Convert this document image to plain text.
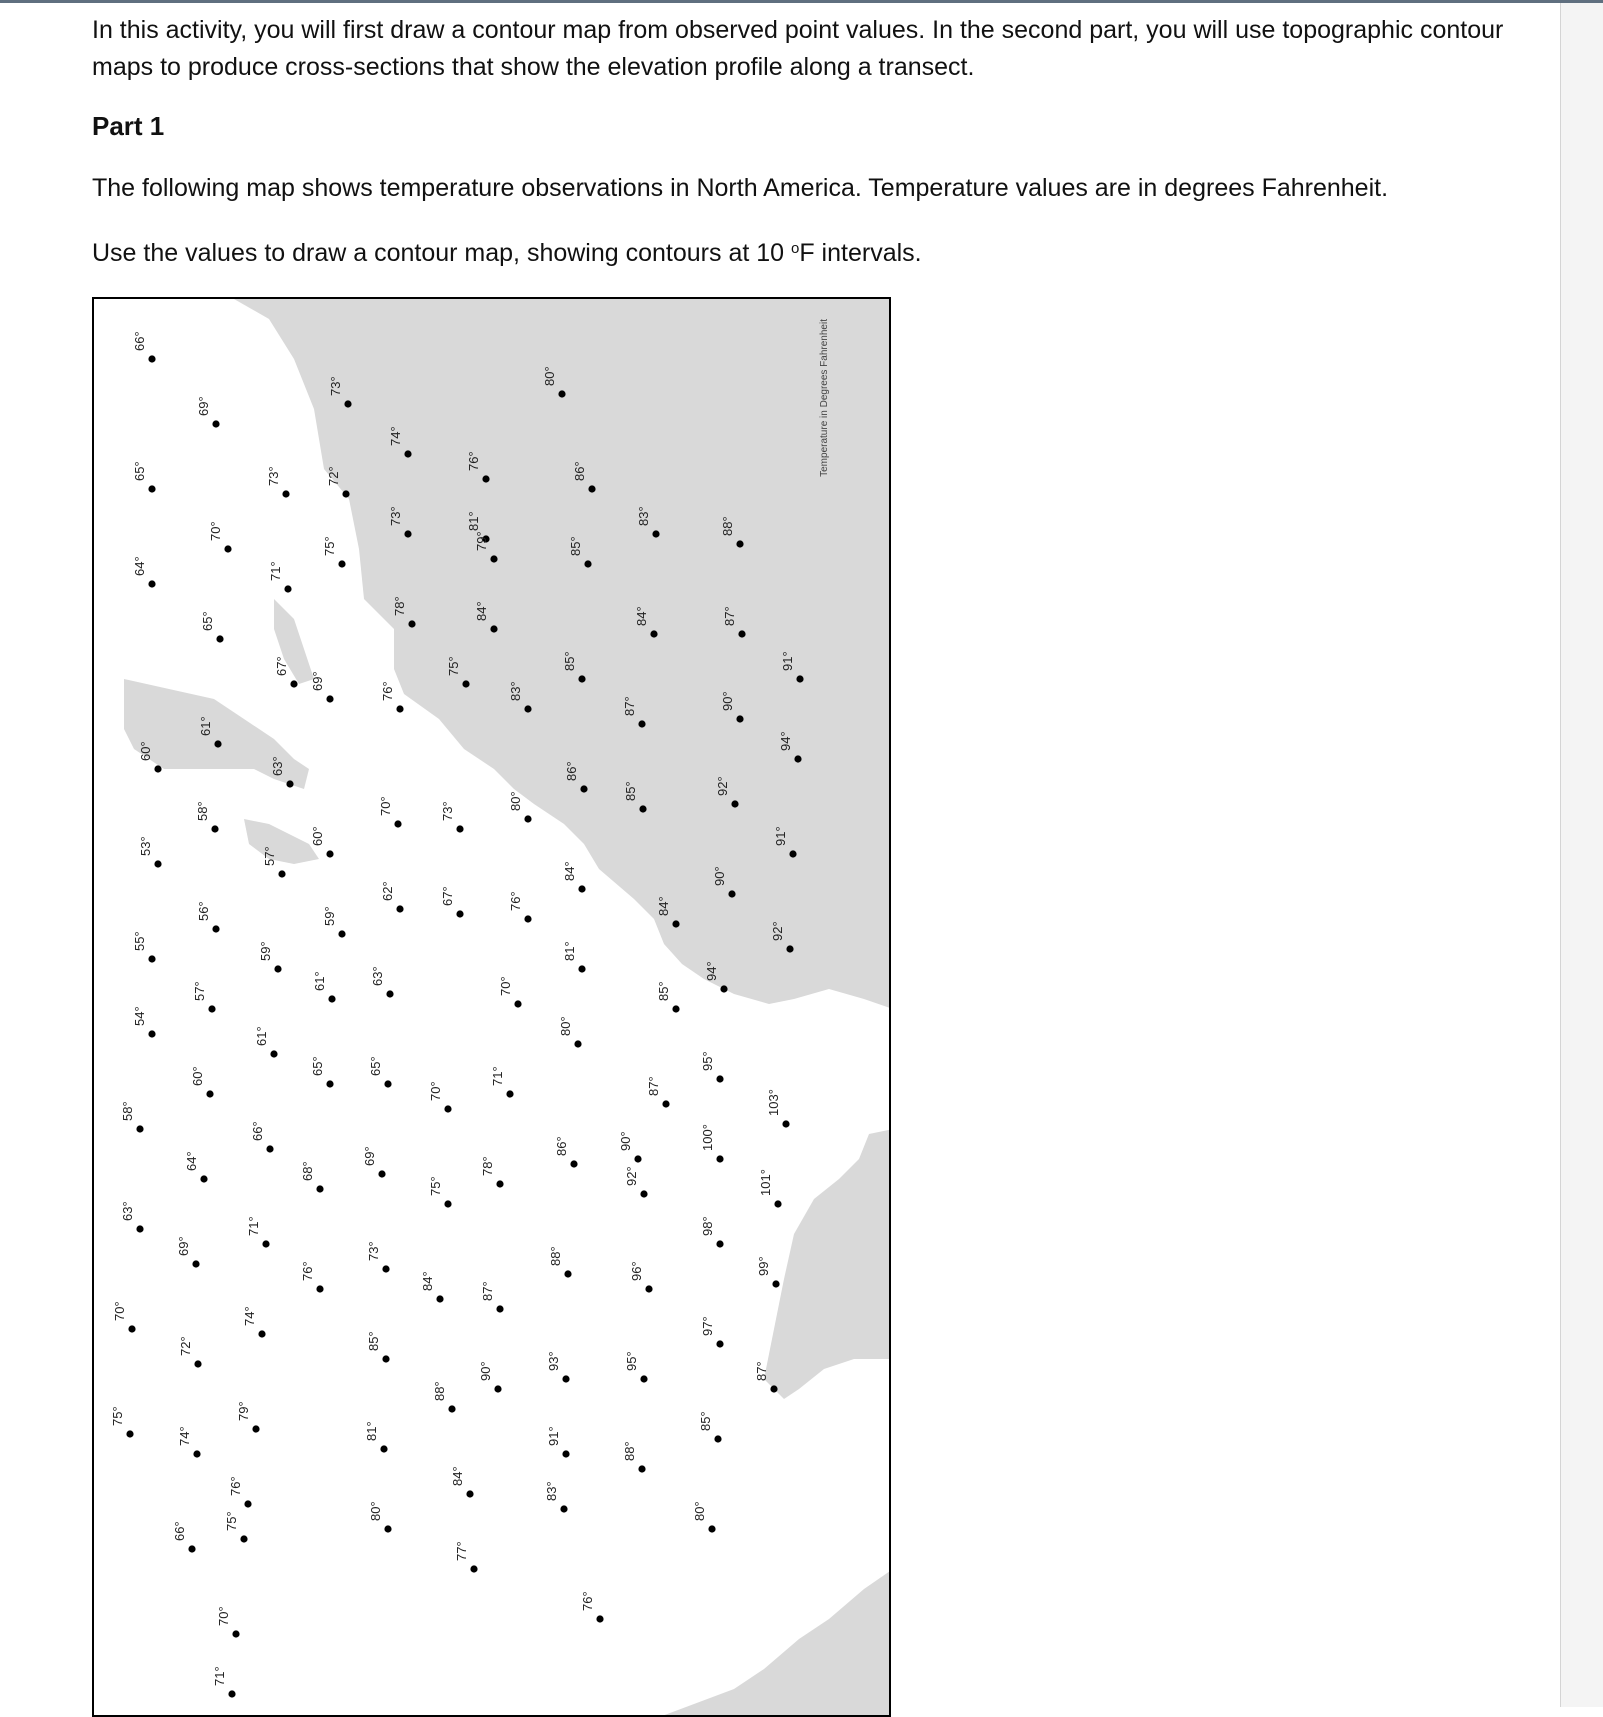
In this activity, you will first draw a contour map from observed point values. In the second part, you will use topographic contour maps to produce cross-sections that show the elevation profile along a transect.

Part 1

The following map shows temperature observations in North America. Temperature values are in degrees Fahrenheit.

Use the values to draw a contour map, showing contours at 10 $^o$F intervals.

66°
65°
64°
60°
53°
55°
54°
58°
63°
70°
75°
69°
70°
65°
61°
58°
56°
57°
60°
64°
69°
72°
74°
66°
73°
71°
67°
63°
57°
59°
61°
66°
71°
74°
79°
76°
75°
70°
71°
73°
72°
75°
69°
60°
59°
61°
65°
68°
76°
74°
73°
78°
76°
70°
62°
63°
65°
69°
73°
85°
81°
80°
76°
81°
75°
73°
67°
70°
75°
84°
88°
84°
77°
79°
84°
83°
80°
76°
70°
71°
78°
87°
90°
80°
86°
85°
85°
86°
84°
81°
80°
86°
88°
93°
91°
83°
76°
83°
84°
87°
85°
84°
85°
87°
90°
92°
96°
95°
88°
88°
87°
90°
92°
90°
94°
95°
100°
98°
97°
85°
80°
91°
94°
91°
92°
103°
101°
99°
87°
Temperature in Degrees Fahrenheit
